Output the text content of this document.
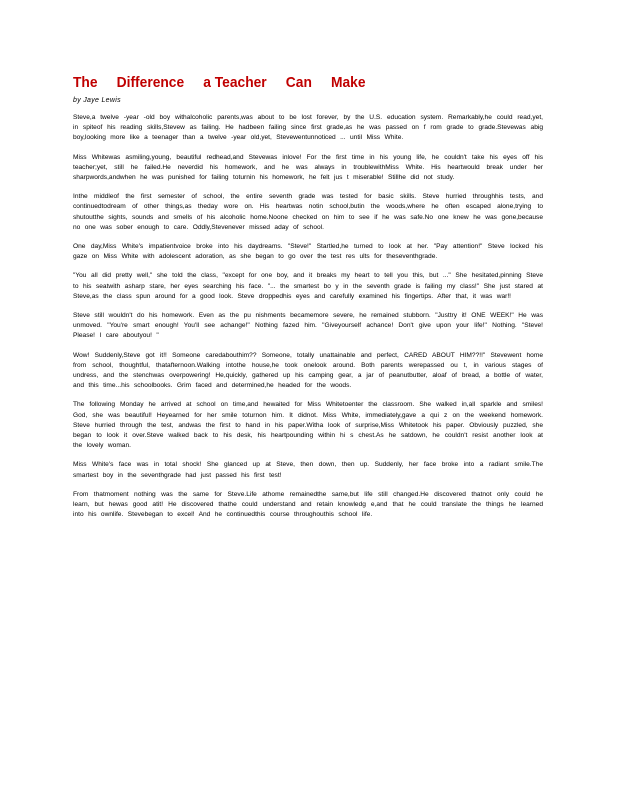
The Difference a Teacher Can Make
by Jaye Lewis

Steve,a twelve -year -old boy withalcoholic parents,was about to be lost forever, by the U.S. education system. Remarkably,he could read,yet, in spiteof his reading skills,Stevew as failing. He hadbeen failing since first grade,as he was passed on f rom grade to grade.Stevewas abig boy,looking more like a teenager than a twelve -year old,yet, Stevewentunnoticed ... until Miss White.

Miss Whitewas asmiling,young, beautiful redhead,and Stevewas inlove! For the first time in his young life, he couldn't take his eyes off his teacher;yet, still he failed.He neverdid his homework, and he was always in troublewithMiss White. His heartwould break under her sharpwords,andwhen he was punished for failing toturnin his homework, he felt jus t miserable! Stillhe did not study.

Inthe middleof the first semester of school, the entire seventh grade was tested for basic skills. Steve hurried throughhis tests, and continuedtodream of other things,as theday wore on. His heartwas notin school,butin the woods,where he often escaped alone,trying to shutoutthe sights, sounds and smells of his alcoholic home.Noone checked on him to see if he was safe.No one knew he was gone,because no one was sober enough to care. Oddly,Stevenever missed aday of school.

One day,Miss White's impatientvoice broke into his daydreams. "Steve!" Startled,he turned to look at her. "Pay attention!" Steve locked his gaze on Miss White with adolescent adoration, as she began to go over the test res ults for theseventhgrade.

"You all did pretty well," she told the class, "except for one boy, and it breaks my heart to tell you this, but ..." She hesitated,pinning Steve to his seatwith asharp stare, her eyes searching his face. "... the smartest bo y in the seventh grade is failing my class!" She just stared at Steve,as the class spun around for a good look. Steve droppedhis eyes and carefully examined his fingertips. After that, it was war!!

Steve still wouldn't do his homework. Even as the pu nishments becamemore severe, he remained stubborn. "Justtry it! ONE WEEK!" He was unmoved. "You're smart enough! You'll see achange!" Nothing fazed him. "Giveyourself achance! Don't give upon your life!" Nothing. "Steve! Please! I care aboutyou! "

Wow! Suddenly,Steve got it!! Someone caredabouthim?? Someone, totally unattainable and perfect, CARED ABOUT HIM??!!" Stevewent home from school, thoughtful, thatafternoon.Walking intothe house,he took onelook around. Both parents werepassed ou t, in various stages of undress, and the stenchwas overpowering! He,quickly, gathered up his camping gear, a jar of peanutbutter, aloaf of bread, a bottle of water, and this time...his schoolbooks. Grim faced and determined,he headed for the woods.

The following Monday he arrived at school on time,and hewaited for Miss Whitetoenter the classroom. She walked in,all sparkle and smiles! God, she was beautiful! Heyearned for her smile toturnon him. It didnot. Miss White, immediately,gave a qui z on the weekend homework. Steve hurried through the test, andwas the first to hand in his paper.Witha look of surprise,Miss Whitetook his paper. Obviously puzzled, she began to look it over.Steve walked back to his desk, his heartpounding within hi s chest.As he satdown, he couldn't resist another look at the lovely woman.

Miss White's face was in total shock! She glanced up at Steve, then down, then up. Suddenly, her face broke into a radiant smile.The smartest boy in the seventhgrade had just passed his first test!

From thatmoment nothing was the same for Steve.Life athome remainedthe same,but life still changed.He discovered thatnot only could he learn, but hewas good atit! He discovered thathe could understand and retain knowledg e,and that he could translate the things he learned into his ownlife. Stevebegan to excel! And he continuedthis course throughouthis school life.
